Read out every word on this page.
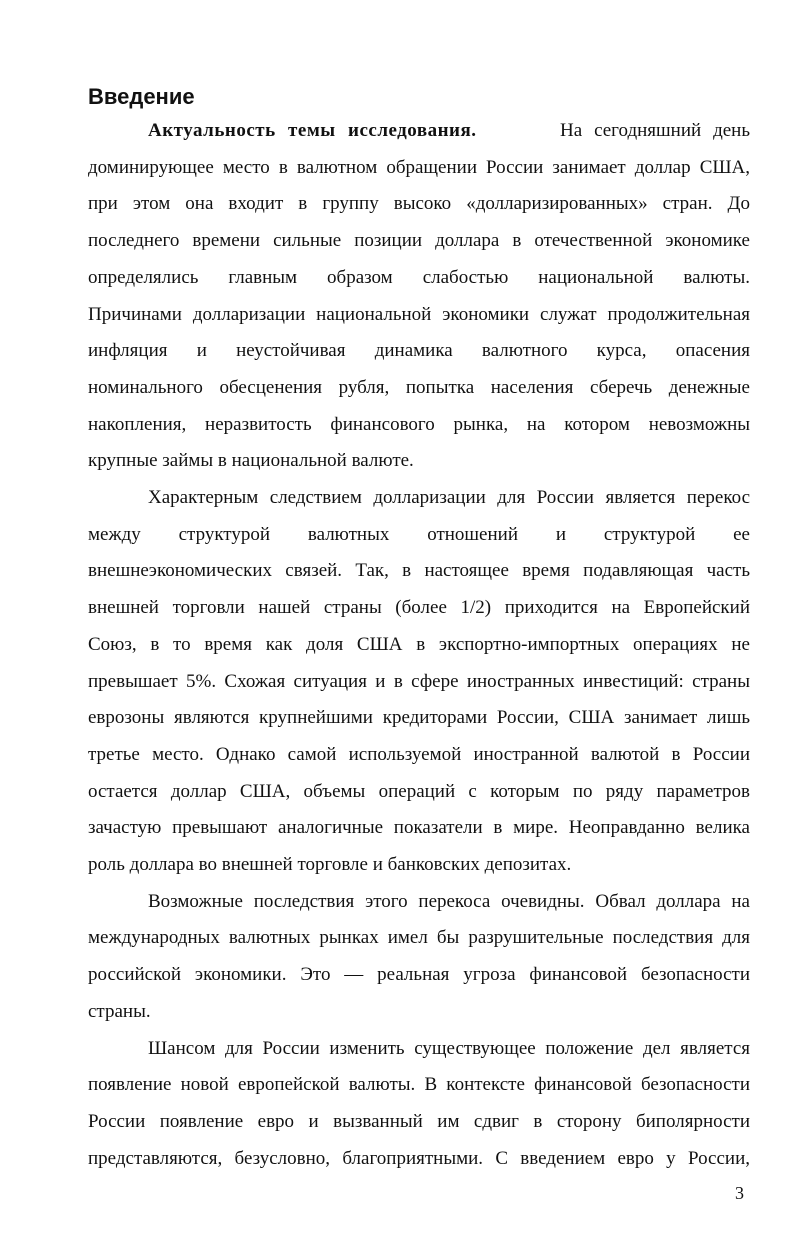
Введение
Актуальность темы исследования.	На сегодняшний день
доминирующее место в валютном обращении России занимает доллар США,
при этом она входит в группу высоко «долларизированных» стран. До
последнего времени сильные позиции доллара в отечественной экономике
определялись главным образом слабостью национальной валюты.
Причинами долларизации национальной экономики служат продолжительная
инфляция и неустойчивая динамика валютного курса, опасения
номинального обесценения рубля, попытка населения сберечь денежные
накопления, неразвитость финансового рынка, на котором невозможны
крупные займы в национальной валюте.
Характерным следствием долларизации для России является перекос
между структурой валютных отношений и структурой ее
внешнеэкономических связей. Так, в настоящее время подавляющая часть
внешней торговли нашей страны (более 1/2) приходится на Европейский
Союз, в то время как доля США в экспортно-импортных операциях не
превышает 5%. Схожая ситуация и в сфере иностранных инвестиций: страны
еврозоны являются крупнейшими кредиторами России, США занимает лишь
третье место. Однако самой используемой иностранной валютой в России
остается доллар США, объемы операций с которым по ряду параметров
зачастую превышают аналогичные показатели в мире. Неоправданно велика
роль доллара во внешней торговле и банковских депозитах.
Возможные последствия этого перекоса очевидны. Обвал доллара на
международных валютных рынках имел бы разрушительные последствия для
российской экономики. Это — реальная угроза финансовой безопасности
страны.
Шансом для России изменить существующее положение дел является
появление новой европейской валюты. В контексте финансовой безопасности
России появление евро и вызванный им сдвиг в сторону биполярности
представляются, безусловно, благоприятными. С введением евро у России,
3
